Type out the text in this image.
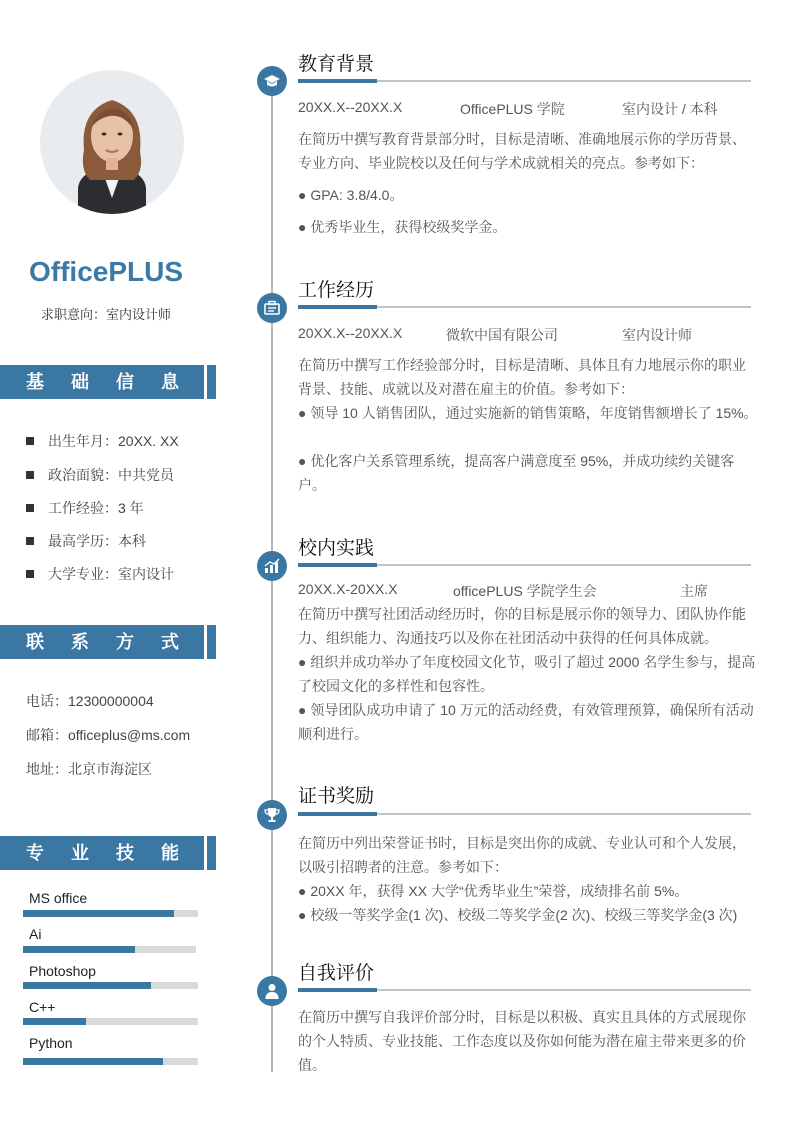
OfficePLUS
求职意向：室内设计师
基 础 信 息
出生年月：20XX. XX
政治面貌：中共党员
工作经验：3 年
最高学历：本科
大学专业：室内设计
联 系 方 式
电话：12300000004
邮箱：officeplus@ms.com
地址：北京市海淀区
专 业 技 能
MS office
Ai
Photoshop
C++
Python
教育背景
20XX.X--20XX.X	OfficePLUS 学院	室内设计 / 本科
在简历中撰写教育背景部分时，目标是清晰、准确地展示你的学历背景、专业方向、毕业院校以及任何与学术成就相关的亮点。参考如下：
● GPA: 3.8/4.0。
● 优秀毕业生，获得校级奖学金。
工作经历
20XX.X--20XX.X	微软中国有限公司	室内设计师
在简历中撰写工作经验部分时，目标是清晰、具体且有力地展示你的职业背景、技能、成就以及对潜在雇主的价值。参考如下：
● 领导 10 人销售团队，通过实施新的销售策略，年度销售额增长了 15%。
● 优化客户关系管理系统，提高客户满意度至 95%，并成功续约关键客户。
校内实践
20XX.X-20XX.X	officePLUS 学院学生会	主席
在简历中撰写社团活动经历时，你的目标是展示你的领导力、团队协作能力、组织能力、沟通技巧以及你在社团活动中获得的任何具体成就。
● 组织并成功举办了年度校园文化节，吸引了超过 2000 名学生参与，提高了校园文化的多样性和包容性。
● 领导团队成功申请了 10 万元的活动经费，有效管理预算，确保所有活动顺利进行。
证书奖励
在简历中列出荣誉证书时，目标是突出你的成就、专业认可和个人发展，以吸引招聘者的注意。参考如下：
● 20XX 年，获得 XX 大学“优秀毕业生”荣誉，成绩排名前 5%。
● 校级一等奖学金(1 次)、校级二等奖学金(2 次)、校级三等奖学金(3 次)
自我评价
在简历中撰写自我评价部分时，目标是以积极、真实且具体的方式展现你的个人特质、专业技能、工作态度以及你如何能为潜在雇主带来更多的价值。
